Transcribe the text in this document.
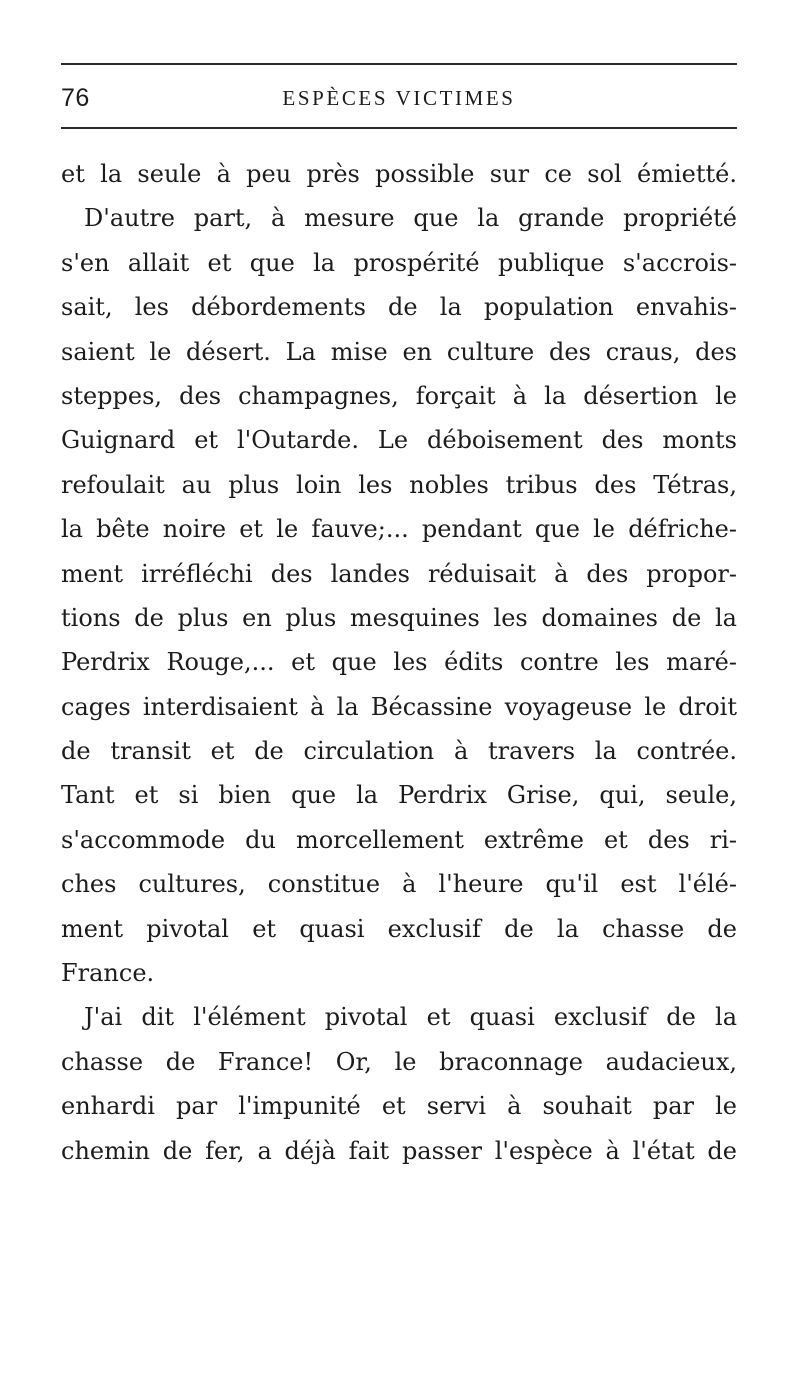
76	ESPÈCES VICTIMES
et la seule à peu près possible sur ce sol émietté.
D'autre part, à mesure que la grande propriété
s'en allait et que la prospérité publique s'accrois-
sait, les débordements de la population envahis-
saient le désert. La mise en culture des craus, des
steppes, des champagnes, forçait à la désertion le
Guignard et l'Outarde. Le déboisement des monts
refoulait au plus loin les nobles tribus des Tétras,
la bête noire et le fauve;... pendant que le défriche-
ment irréfléchi des landes réduisait à des propor-
tions de plus en plus mesquines les domaines de la
Perdrix Rouge,... et que les édits contre les maré-
cages interdisaient à la Bécassine voyageuse le droit
de transit et de circulation à travers la contrée.
Tant et si bien que la Perdrix Grise, qui, seule,
s'accommode du morcellement extrême et des ri-
ches cultures, constitue à l'heure qu'il est l'élé-
ment pivotal et quasi exclusif de la chasse de
France.
J'ai dit l'élément pivotal et quasi exclusif de la
chasse de France! Or, le braconnage audacieux,
enhardi par l'impunité et servi à souhait par le
chemin de fer, a déjà fait passer l'espèce à l'état de
